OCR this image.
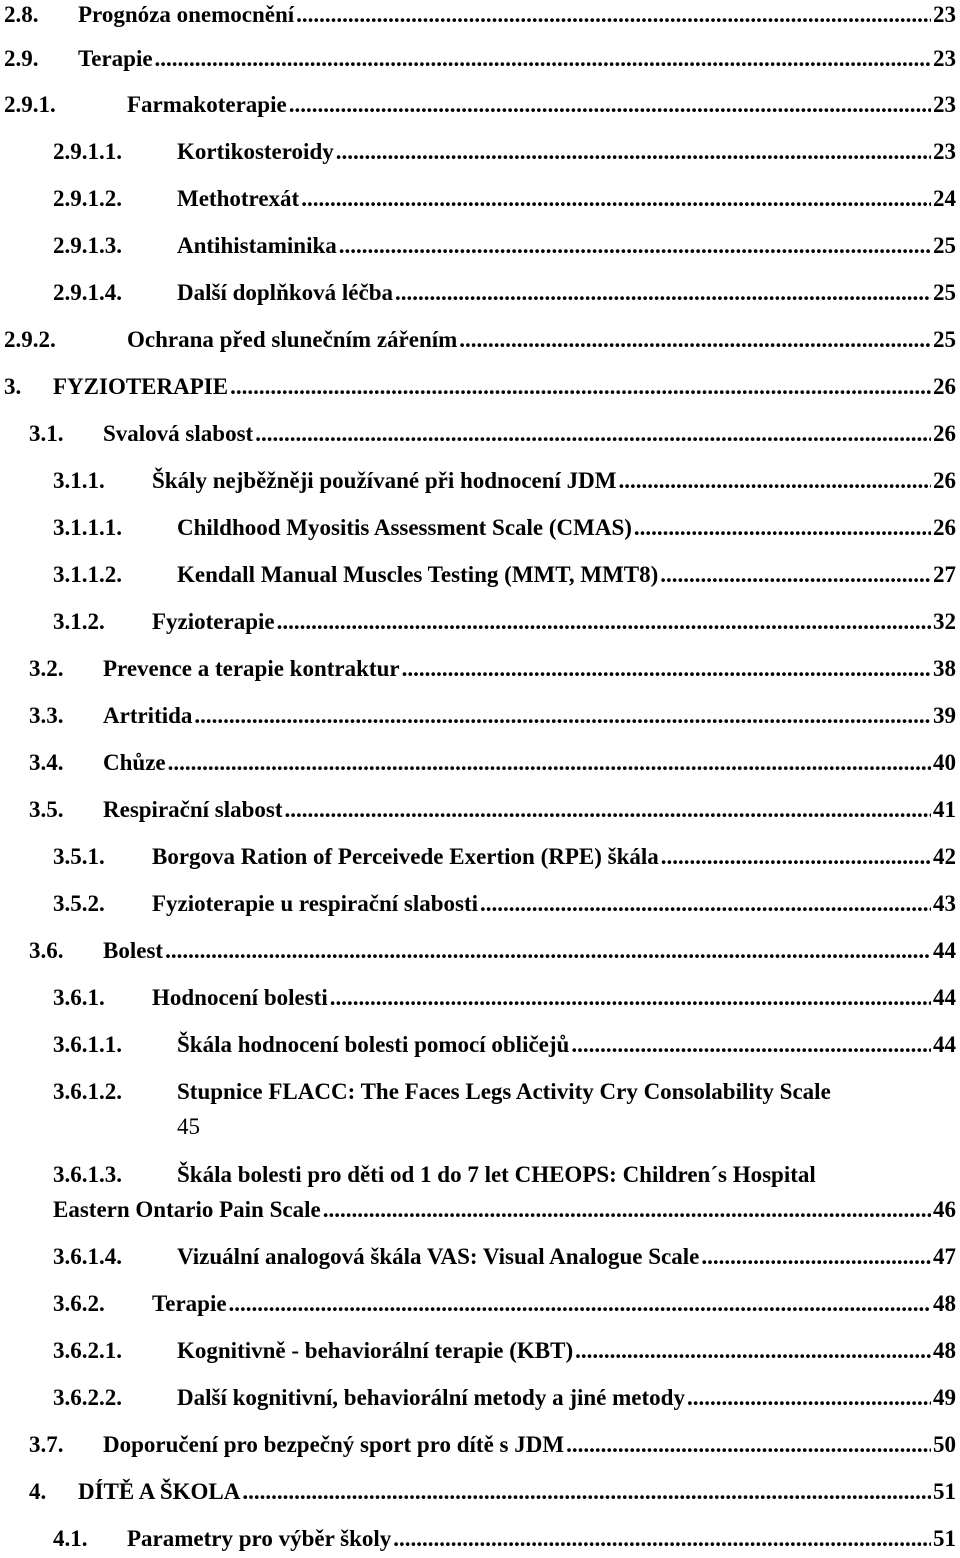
2.8. Prognóza onemocnění .....	23
2.9. Terapie .....	23
2.9.1.	Farmakoterapie .....	23
2.9.1.1. Kortikosteroidy .....	23
2.9.1.2. Methotrexát .....	24
2.9.1.3. Antihistaminika .....	25
2.9.1.4. Další doplňková léčba .....	25
2.9.2.	Ochrana před slunečním zářením .....	25
3. FYZIOTERAPIE .....	26
3.1. Svalová slabost .....	26
3.1.1. Škály nejběžněji používané při hodnocení JDM .....	26
3.1.1.1. Childhood Myositis Assessment Scale (CMAS) .....	26
3.1.1.2. Kendall Manual Muscles Testing (MMT, MMT8) .....	27
3.1.2. Fyzioterapie .....	32
3.2. Prevence a terapie kontraktur .....	38
3.3. Artritida .....	39
3.4. Chůze .....	40
3.5. Respirační slabost .....	41
3.5.1. Borgova Ration of Perceivede Exertion (RPE) škála .....	42
3.5.2. Fyzioterapie u respirační slabosti .....	43
3.6. Bolest .....	44
3.6.1. Hodnocení bolesti .....	44
3.6.1.1. Škála hodnocení bolesti pomocí obličejů .....	44
3.6.1.2. Stupnice FLACC: The Faces Legs Activity Cry Consolability Scale
45
3.6.1.3. Škála bolesti pro děti od 1 do 7 let CHEOPS: Children´s Hospital
Eastern Ontario Pain Scale .....	46
3.6.1.4. Vizuální analogová škála VAS: Visual Analogue Scale .....	47
3.6.2. Terapie .....	48
3.6.2.1. Kognitivně - behaviorální terapie (KBT) .....	48
3.6.2.2. Další kognitivní, behaviorální metody a jiné metody .....	49
3.7. Doporučení pro bezpečný sport pro dítě s JDM .....	50
4. DÍTĚ A ŠKOLA .....	51
4.1. Parametry pro výběr školy .....	51
